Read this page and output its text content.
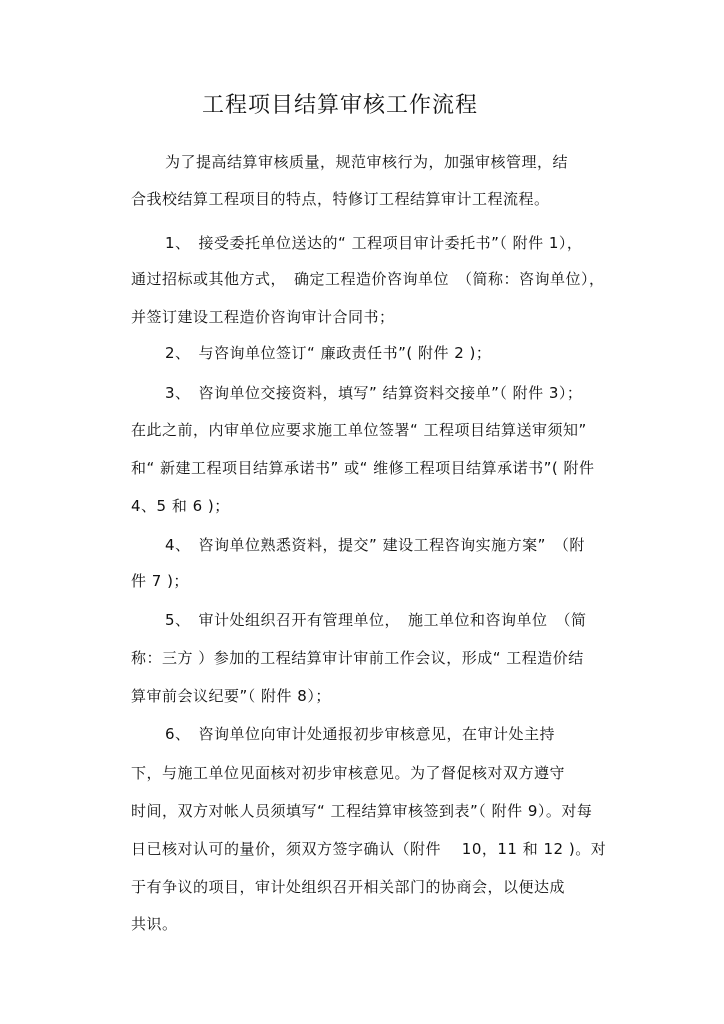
工程项目结算审核工作流程
为了提高结算审核质量，规范审核行为，加强审核管理，结
合我校结算工程项目的特点，特修订工程结算审计工程流程。
1、　接受委托单位送达的“ 工程项目审计委托书”（ 附件 1），
通过招标或其他方式，　确定工程造价咨询单位　（简称：咨询单位），
并签订建设工程造价咨询审计合同书；
2、　与咨询单位签订“ 廉政责任书”( 附件 2 )；
3、　咨询单位交接资料，填写” 结算资料交接单”（ 附件 3）；
在此之前，内审单位应要求施工单位签署“ 工程项目结算送审须知”
和“ 新建工程项目结算承诺书” 或“ 维修工程项目结算承诺书”( 附件
4、5 和 6 )；
4、　咨询单位熟悉资料，提交” 建设工程咨询实施方案”　（附
件 7 )；
5、　审计处组织召开有管理单位，　施工单位和咨询单位　（简
称：三方 ）参加的工程结算审计审前工作会议，形成“ 工程造价结
算审前会议纪要”（ 附件 8）；
6、　咨询单位向审计处通报初步审核意见，在审计处主持
下，与施工单位见面核对初步审核意见。为了督促核对双方遵守
时间，双方对帐人员须填写“ 工程结算审核签到表”（ 附件 9）。对每
日已核对认可的量价，须双方签字确认（附件　 10，11 和 12 )。对
于有争议的项目，审计处组织召开相关部门的协商会，以便达成
共识。
